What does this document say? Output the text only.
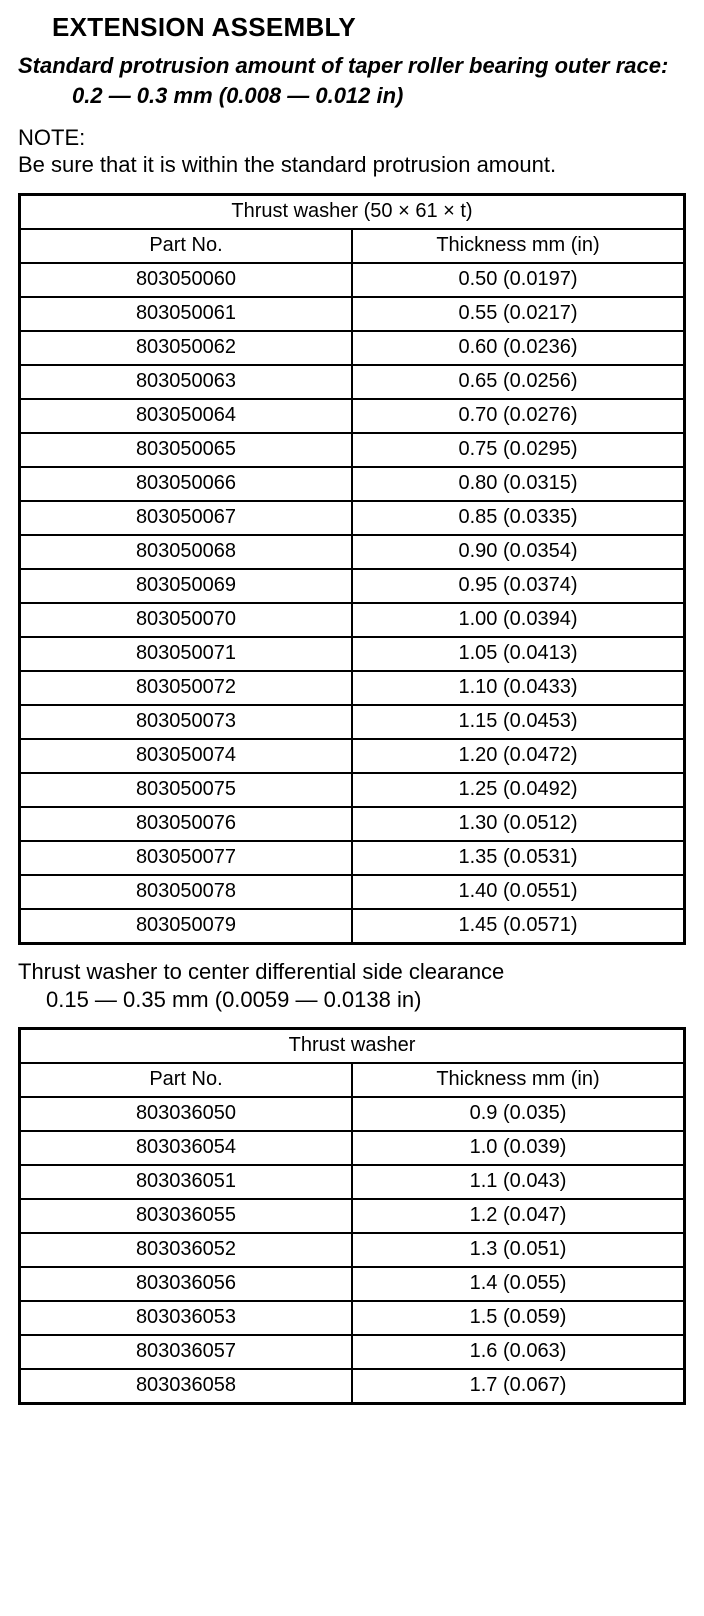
EXTENSION ASSEMBLY
Standard protrusion amount of taper roller bearing outer race:
0.2 — 0.3 mm (0.008 — 0.012 in)
NOTE:
Be sure that it is within the standard protrusion amount.
Thrust washer (50 × 61 × t)	
Part No.	Thickness mm (in)
803050060	0.50 (0.0197)
803050061	0.55 (0.0217)
803050062	0.60 (0.0236)
803050063	0.65 (0.0256)
803050064	0.70 (0.0276)
803050065	0.75 (0.0295)
803050066	0.80 (0.0315)
803050067	0.85 (0.0335)
803050068	0.90 (0.0354)
803050069	0.95 (0.0374)
803050070	1.00 (0.0394)
803050071	1.05 (0.0413)
803050072	1.10 (0.0433)
803050073	1.15 (0.0453)
803050074	1.20 (0.0472)
803050075	1.25 (0.0492)
803050076	1.30 (0.0512)
803050077	1.35 (0.0531)
803050078	1.40 (0.0551)
803050079	1.45 (0.0571)
Thrust washer to center differential side clearance
0.15 — 0.35 mm (0.0059 — 0.0138 in)
Thrust washer	
Part No.	Thickness mm (in)
803036050	0.9 (0.035)
803036054	1.0 (0.039)
803036051	1.1 (0.043)
803036055	1.2 (0.047)
803036052	1.3 (0.051)
803036056	1.4 (0.055)
803036053	1.5 (0.059)
803036057	1.6 (0.063)
803036058	1.7 (0.067)
